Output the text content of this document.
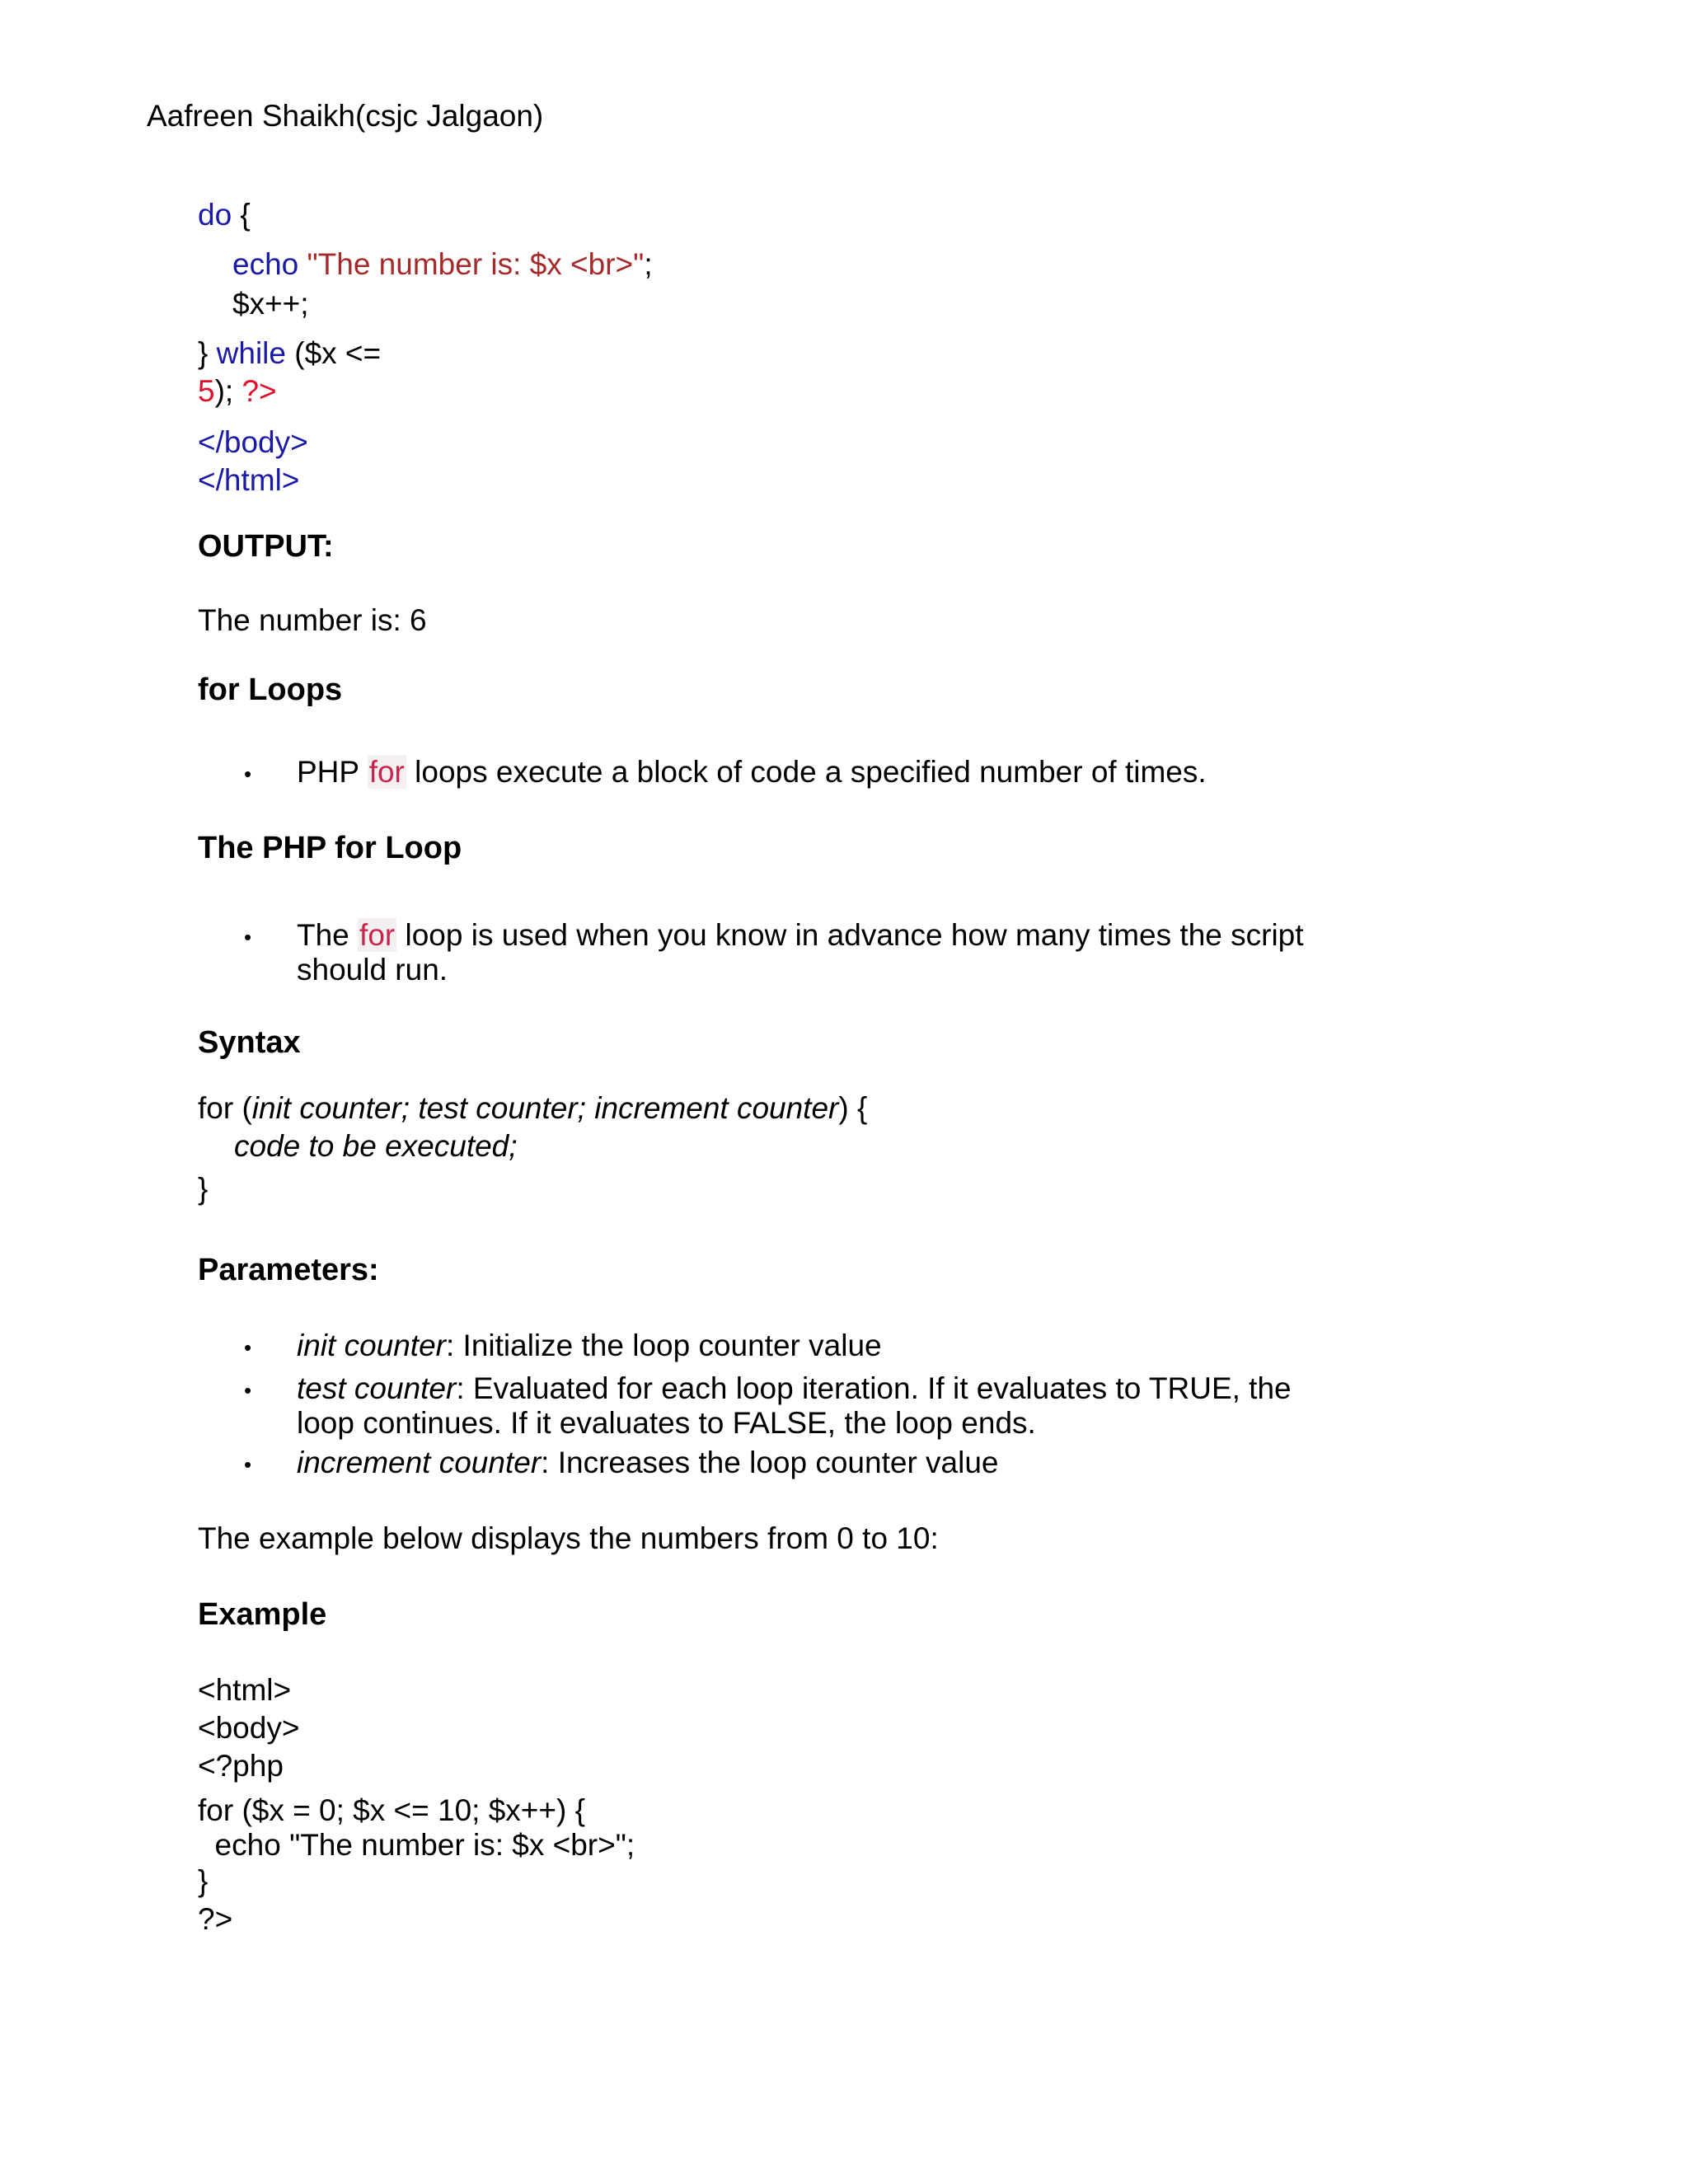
Aafreen Shaikh(csjc Jalgaon)
do {
echo "The number is: $x <br>";
$x++;
} while ($x <=
5); ?>
</body>
</html>
OUTPUT:
The number is: 6
for Loops
• PHP for loops execute a block of code a specified number of times.
The PHP for Loop
• The for loop is used when you know in advance how many times the script
should run.
Syntax
for (init counter; test counter; increment counter) {
code to be executed;
}
Parameters:
• init counter: Initialize the loop counter value
• test counter: Evaluated for each loop iteration. If it evaluates to TRUE, the
loop continues. If it evaluates to FALSE, the loop ends.
• increment counter: Increases the loop counter value
The example below displays the numbers from 0 to 10:
Example
<html>
<body>
<?php
for ($x = 0; $x <= 10; $x++) {
echo "The number is: $x <br>";
}
?>
